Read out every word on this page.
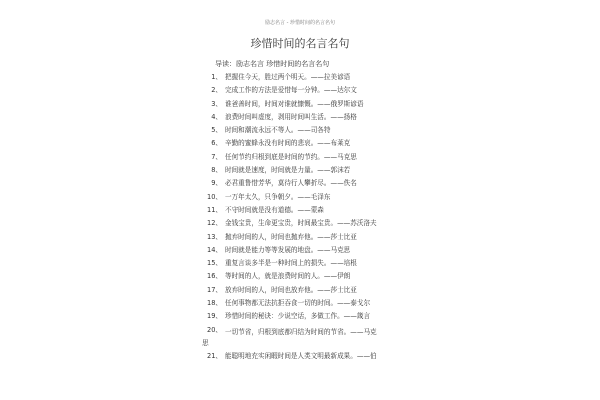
励志名言 - 珍惜时间的名言名句
珍惜时间的名言名句
导读：励志名言 珍惜时间的名言名句
1、 把握住今天，胜过两个明天。——拉美谚语
2、 完成工作的方法是爱惜每一分钟。——达尔文
3、 谁爸善时间，时间对谁就慷慨。——俄罗斯谚语
4、 浪费时间叫虚度，剥用时间叫生活。——扬格
5、 时间和潮流永远不等人。——司各特
6、 辛勤的蜜蜂永没有时间的悲哀。——布莱克
7、 任何节约归根到底是时间的节约。——马克思
8、 时间就是速度，时间就是力量。——郭沫若
9、 必君重鲁惜芳华，莫待行人攀折尽。——佚名
10、 一万年太久，只争朝夕。——毛泽东
11、 不守时间就是没有道德。——蒙森
12、 金钱宝贵，生命更宝贵，时间最宝贵。——苏沃洛夫
13、 抛弃时间的人，时间也抛弃他。——莎士比亚
14、 时间就是能力等等发展的地盘。——马克思
15、 重复言谈多半是一种时间上的损失。——培根
16、 等时间的人，就是浪费时间的人。——伊朗
17、 放弃时间的人，时间也放弃他。——莎士比亚
18、 任何事物都无法抗拒吞食一切的时间。——泰戈尔
19、 珍惜时间的秘诀：少说空话，多做工作。——箴言
20、 一切节省，归根到底都归结为时间的节省。——马克
思
21、 能聪明地充实闲暇时间是人类文明最新成果。——伯
